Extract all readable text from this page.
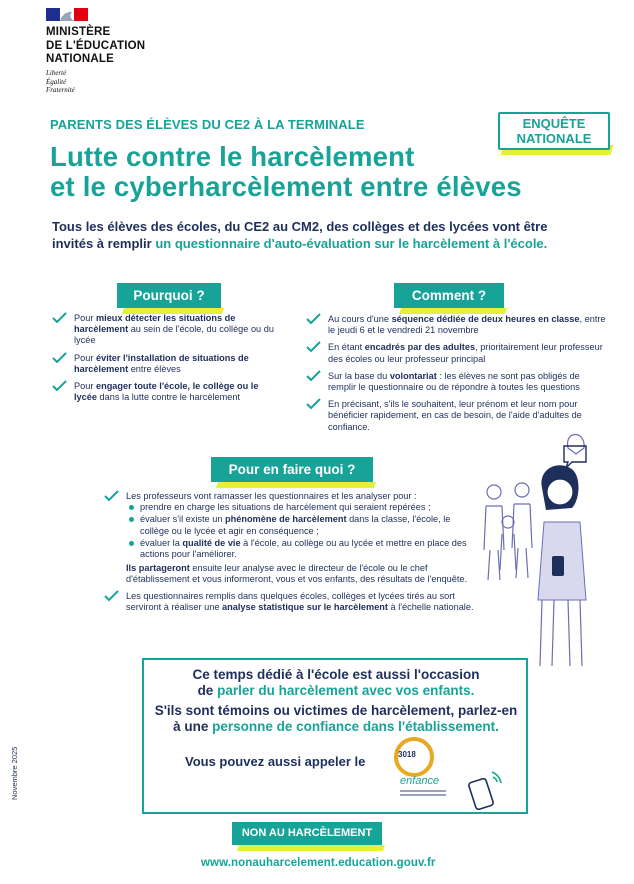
MINISTÈRE
DE L'ÉDUCATION
NATIONALE
Liberté
Égalité
Fraternité
PARENTS DES ÉLÈVES DU CE2 À LA TERMINALE	ENQUÊTE
NATIONALE
Lutte contre le harcèlement
et le cyberharcèlement entre élèves
Tous les élèves des écoles, du CE2 au CM2, des collèges et des lycées vont être invités à remplir un questionnaire d'auto-évaluation sur le harcèlement à l'école.
Pourquoi ?
Pour mieux détecter les situations de harcèlement au sein de l'école, du collège ou du lycée
Pour éviter l'installation de situations de harcèlement entre élèves
Pour engager toute l'école, le collège ou le lycée dans la lutte contre le harcèlement
Comment ?
Au cours d'une séquence dédiée de deux heures en classe, entre le jeudi 6 et le vendredi 21 novembre
En étant encadrés par des adultes, prioritairement leur professeur des écoles ou leur professeur principal
Sur la base du volontariat : les élèves ne sont pas obligés de remplir le questionnaire ou de répondre à toutes les questions
En précisant, s'ils le souhaitent, leur prénom et leur nom pour bénéficier rapidement, en cas de besoin, de l'aide d'adultes de confiance.
Pour en faire quoi ?
Les professeurs vont ramasser les questionnaires et les analyser pour :
prendre en charge les situations de harcèlement qui seraient repérées ;
évaluer s'il existe un phénomène de harcèlement dans la classe, l'école, le collège ou le lycée et agir en conséquence ;
évaluer la qualité de vie à l'école, au collège ou au lycée et mettre en place des actions pour l'améliorer.
Ils partageront ensuite leur analyse avec le directeur de l'école ou le chef d'établissement et vous informeront, vous et vos enfants, des résultats de l'enquête.
Les questionnaires remplis dans quelques écoles, collèges et lycées tirés au sort serviront à réaliser une analyse statistique sur le harcèlement à l'échelle nationale.
Ce temps dédié à l'école est aussi l'occasion
de parler du harcèlement avec vos enfants.
S'ils sont témoins ou victimes de harcèlement, parlez-en
à une personne de confiance dans l'établissement.
Vous pouvez aussi appeler le	3018
enfance
NON AU HARCÈLEMENT
www.nonauharcelement.education.gouv.fr
Novembre 2025
